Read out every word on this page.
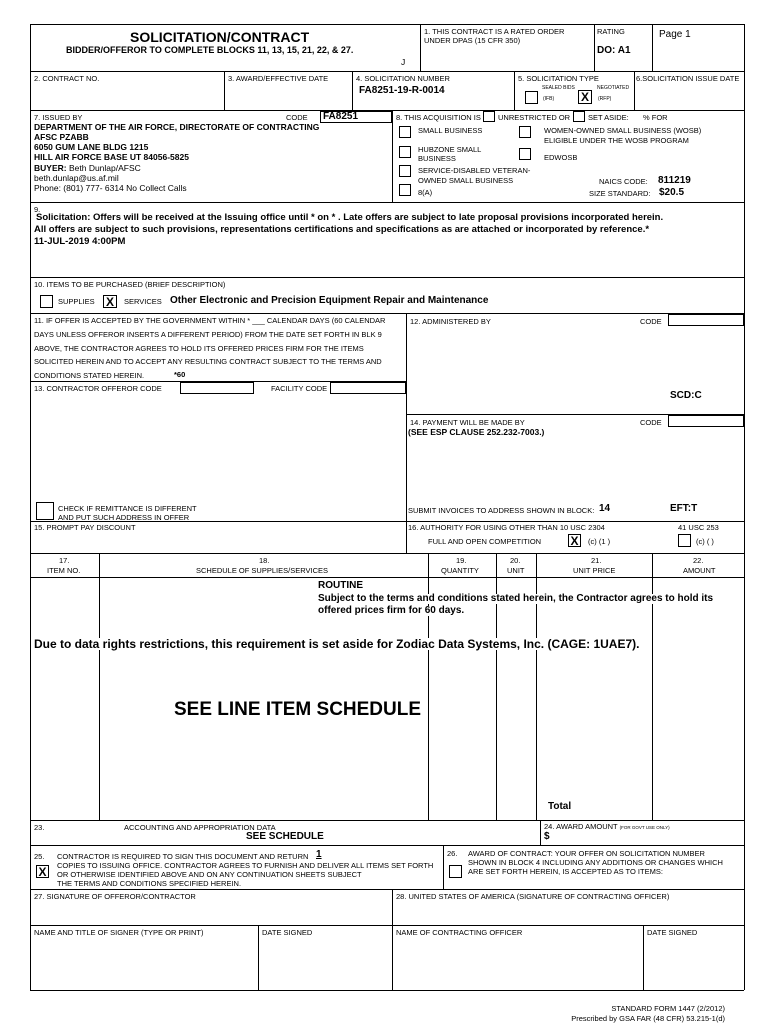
SOLICITATION/CONTRACT
BIDDER/OFFEROR TO COMPLETE BLOCKS 11, 13, 15, 21, 22, & 27.
J
1. THIS CONTRACT IS A RATED ORDER
UNDER DPAS (15 CFR 350)
RATING
DO: A1
Page 1
2. CONTRACT NO.	3. AWARD/EFFECTIVE DATE	4. SOLICITATION NUMBER
FA8251-19-R-0014
5. SOLICITATION TYPE
SEALED BIDS
(IFB) X
NEGOTIATED
(RFP)
6.SOLICITATION ISSUE DATE
7. ISSUED BY	CODE FA8251
DEPARTMENT OF THE AIR FORCE, DIRECTORATE OF CONTRACTING
AFSC PZABB
6050 GUM LANE BLDG 1215
HILL AIR FORCE BASE UT 84056-5825
BUYER: Beth Dunlap/AFSC
beth.dunlap@us.af.mil
Phone: (801) 777- 6314 No Collect Calls
8. THIS ACQUISITION IS UNRESTRICTED OR SET ASIDE: % FOR
SMALL BUSINESS	WOMEN-OWNED SMALL BUSINESS (WOSB)
ELIGIBLE UNDER THE WOSB PROGRAM
HUBZONE SMALL
BUSINESS	EDWOSB
SERVICE-DISABLED VETERAN-
OWNED SMALL BUSINESS
8(A)
NAICS CODE: 811219
SIZE STANDARD: $20.5
9.
Solicitation: Offers will be received at the Issuing office until * on * . Late offers are subject to late proposal provisions incorporated herein.
All offers are subject to such provisions, representations certifications and specifications as are attached or incorporated by reference.*
11-JUL-2019 4:00PM
10. ITEMS TO BE PURCHASED (BRIEF DESCRIPTION)
SUPPLIES X	SERVICES Other Electronic and Precision Equipment Repair and Maintenance
11. IF OFFER IS ACCEPTED BY THE GOVERNMENT WITHIN * ___ CALENDAR DAYS (60 CALENDAR
DAYS UNLESS OFFEROR INSERTS A DIFFERENT PERIOD) FROM THE DATE SET FORTH IN BLK 9
ABOVE, THE CONTRACTOR AGREES TO HOLD ITS OFFERED PRICES FIRM FOR THE ITEMS
SOLICITED HEREIN AND TO ACCEPT ANY RESULTING CONTRACT SUBJECT TO THE TERMS AND
CONDITIONS STATED HEREIN.	*60
12. ADMINISTERED BY	CODE
SCD:C
13. CONTRACTOR OFFEROR CODE	FACILITY CODE
CHECK IF REMITTANCE IS DIFFERENT
AND PUT SUCH ADDRESS IN OFFER
14. PAYMENT WILL BE MADE BY	CODE
(SEE ESP CLAUSE 252.232-7003.)
SUBMIT INVOICES TO ADDRESS SHOWN IN BLOCK: 14	EFT:T
15. PROMPT PAY DISCOUNT	16. AUTHORITY FOR USING OTHER THAN 10 USC 2304	41 USC 253
FULL AND OPEN COMPETITION X	(c) (1 )	(c) ( )
17.
ITEM NO.
18.
SCHEDULE OF SUPPLIES/SERVICES
19.
QUANTITY
20.
UNIT
21.
UNIT PRICE
22.
AMOUNT
ROUTINE
Subject to the terms and conditions stated herein, the Contractor agrees to hold its
offered prices firm for 60 days.
Due to data rights restrictions, this requirement is set aside for Zodiac Data Systems, Inc. (CAGE: 1UAE7).
SEE LINE ITEM SCHEDULE
Total
23.	ACCOUNTING AND APPROPRIATION DATA
SEE SCHEDULE
24. AWARD AMOUNT (FOR GOVT USE ONLY)
$
25. CONTRACTOR IS REQUIRED TO SIGN THIS DOCUMENT AND RETURN 1
COPIES TO ISSUING OFFICE. CONTRACTOR AGREES TO FURNISH AND DELIVER ALL ITEMS SET FORTH
OR OTHERWISE IDENTIFIED ABOVE AND ON ANY CONTINUATION SHEETS SUBJECT
THE TERMS AND CONDITIONS SPECIFIED HEREIN.
X
26. AWARD OF CONTRACT: YOUR OFFER ON SOLICITATION NUMBER
SHOWN IN BLOCK 4 INCLUDING ANY ADDITIONS OR CHANGES WHICH
ARE SET FORTH HEREIN, IS ACCEPTED AS TO ITEMS:
27. SIGNATURE OF OFFEROR/CONTRACTOR	28. UNITED STATES OF AMERICA (SIGNATURE OF CONTRACTING OFFICER)
NAME AND TITLE OF SIGNER (TYPE OR PRINT)	DATE SIGNED	NAME OF CONTRACTING OFFICER	DATE SIGNED
STANDARD FORM 1447 (2/2012)
Prescribed by GSA FAR (48 CFR) 53.215-1(d)
